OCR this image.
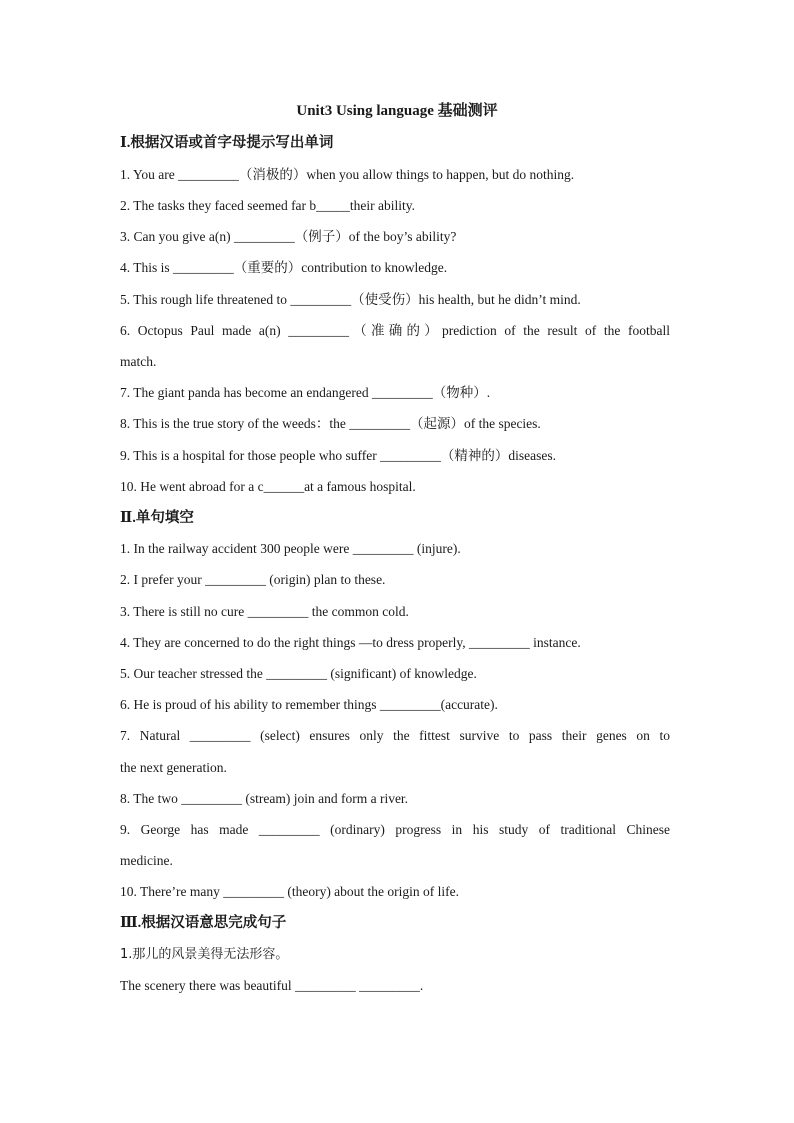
Unit3 Using language 基础测评
Ⅰ.根据汉语或首字母提示写出单词
1. You are _________（消极的）when you allow things to happen, but do nothing.
2. The tasks they faced seemed far b_____their ability.
3. Can you give a(n) _________（例子）of the boy’s ability?
4. This is _________（重要的）contribution to knowledge.
5. This rough life threatened to _________（使受伤）his health, but he didn’t mind.
6. Octopus Paul made a(n) _________（准确的）prediction of the result of the football
match.
7. The giant panda has become an endangered _________（物种）.
8. This is the true story of the weeds：the _________（起源）of the species.
9. This is a hospital for those people who suffer _________（精神的）diseases.
10. He went abroad for a c______at a famous hospital.
Ⅱ.单句填空
1. In the railway accident 300 people were _________ (injure).
2. I prefer your _________ (origin) plan to these.
3. There is still no cure _________ the common cold.
4. They are concerned to do the right things —to dress properly, _________ instance.
5. Our teacher stressed the _________ (significant) of knowledge.
6. He is proud of his ability to remember things _________(accurate).
7. Natural _________ (select) ensures only the fittest survive to pass their genes on to
the next generation.
8. The two _________ (stream) join and form a river.
9. George has made _________ (ordinary) progress in his study of traditional Chinese
medicine.
10. There’re many _________ (theory) about the origin of life.
Ⅲ.根据汉语意思完成句子
1.那儿的风景美得无法形容。
The scenery there was beautiful _________ _________.
